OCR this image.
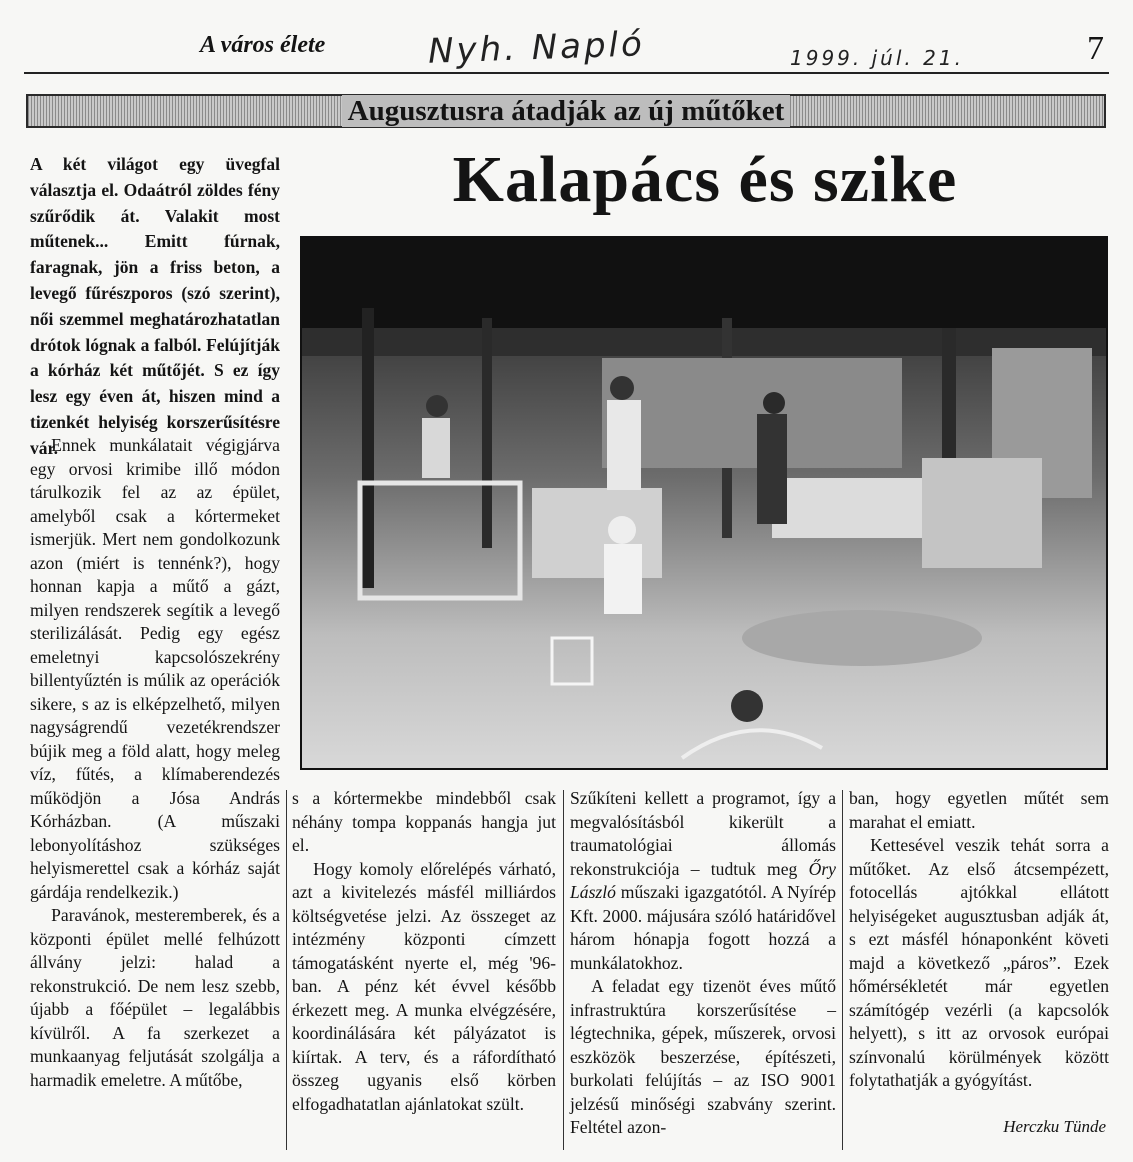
A város élete	Nyh. Napló	1999. júl. 21.	7
Augusztusra átadják az új műtőket
Kalapács és szike

A két világot egy üvegfal választja el. Odaátról zöldes fény szűrődik át. Valakit most műtenek... Emitt fúrnak, faragnak, jön a friss beton, a levegő fűrészporos (szó szerint), női szemmel meghatározhatatlan drótok lógnak a falból. Felújítják a kórház két műtőjét. S ez így lesz egy éven át, hiszen mind a tizenkét helyiség korszerűsítésre vár.

Ennek munkálatait végigjárva egy orvosi krimibe illő módon tárulkozik fel az az épület, amelyből csak a kórtermeket ismerjük. Mert nem gondolkozunk azon (miért is tennénk?), hogy honnan kapja a műtő a gázt, milyen rendszerek segítik a levegő sterilizálását. Pedig egy egész emeletnyi kapcsolószekrény billentyűztén is múlik az operációk sikere, s az is elképzelhető, milyen nagyságrendű vezetékrendszer bújik meg a föld alatt, hogy meleg víz, fűtés, a klímaberendezés működjön a Jósa András Kórházban. (A műszaki lebonyolításhoz szükséges helyismerettel csak a kórház saját gárdája rendelkezik.)

Paravánok, mesteremberek, és a központi épület mellé felhúzott állvány jelzi: halad a rekonstrukció. De nem lesz szebb, újabb a főépület – legalábbis kívülről. A fa szerkezet a munkaanyag feljutását szolgálja a harmadik emeletre. A műtőbe,

s a kórtermekbe mindebből csak néhány tompa koppanás hangja jut el.

Hogy komoly előrelépés várható, azt a kivitelezés másfél milliárdos költségvetése jelzi. Az összeget az intézmény központi címzett támogatásként nyerte el, még '96-ban. A pénz két évvel később érkezett meg. A munka elvégzésére, koordinálására két pályázatot is kiírtak. A terv, és a ráfordítható összeg ugyanis első körben elfogadhatatlan ajánlatokat szült.

Szűkíteni kellett a programot, így a megvalósításból kikerült a traumatológiai állomás rekonstrukciója – tudtuk meg Őry László műszaki igazgatótól. A Nyírép Kft. 2000. májusára szóló határidővel három hónapja fogott hozzá a munkálatokhoz.

A feladat egy tizenöt éves műtő infrastruktúra korszerűsítése – légtechnika, gépek, műszerek, orvosi eszközök beszerzése, építészeti, burkolati felújítás – az ISO 9001 jelzésű minőségi szabvány szerint. Feltétel azon-

ban, hogy egyetlen műtét sem marahat el emiatt.

Kettesével veszik tehát sorra a műtőket. Az első átcsempézett, fotocellás ajtókkal ellátott helyiségeket augusztusban adják át, s ezt másfél hónaponként követi majd a következő „páros”. Ezek hőmérsékletét már egyetlen számítógép vezérli (a kapcsolók helyett), s itt az orvosok európai színvonalú körülmények között folytathatják a gyógyítást.

Herczku Tünde
